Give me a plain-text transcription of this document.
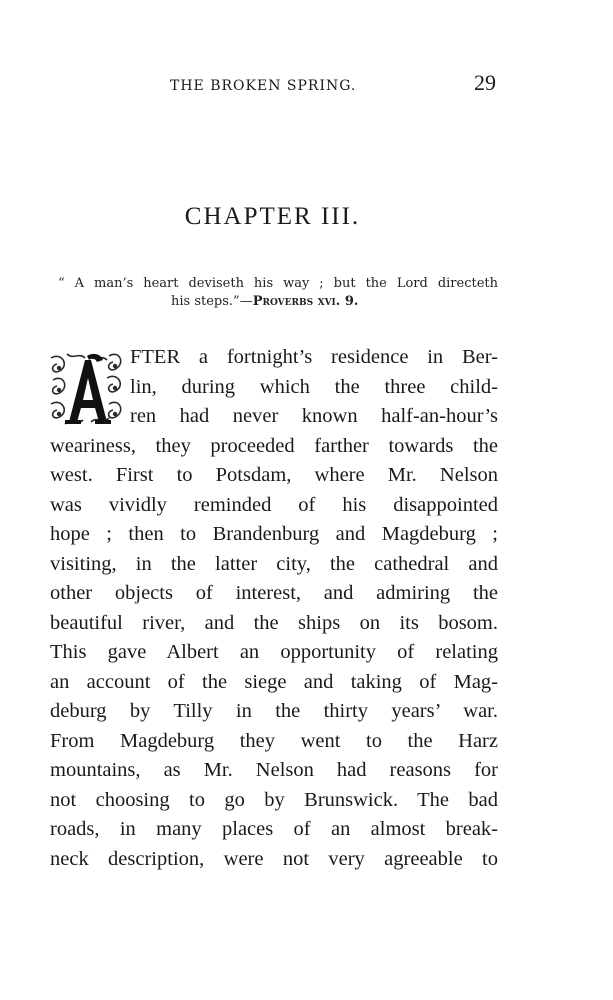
THE BROKEN SPRING.	29
CHAPTER III.
“ A man’s heart deviseth his way ; but the Lord directeth
his steps.”—Proverbs xvi. 9.
FTER a fortnight’s residence in Ber-
lin, during which the three child-
ren had never known half-an-hour’s
weariness, they proceeded farther towards the
west. First to Potsdam, where Mr. Nelson
was vividly reminded of his disappointed
hope ; then to Brandenburg and Magdeburg ;
visiting, in the latter city, the cathedral and
other objects of interest, and admiring the
beautiful river, and the ships on its bosom.
This gave Albert an opportunity of relating
an account of the siege and taking of Mag-
deburg by Tilly in the thirty years’ war.
From Magdeburg they went to the Harz
mountains, as Mr. Nelson had reasons for
not choosing to go by Brunswick. The bad
roads, in many places of an almost break-
neck description, were not very agreeable to
